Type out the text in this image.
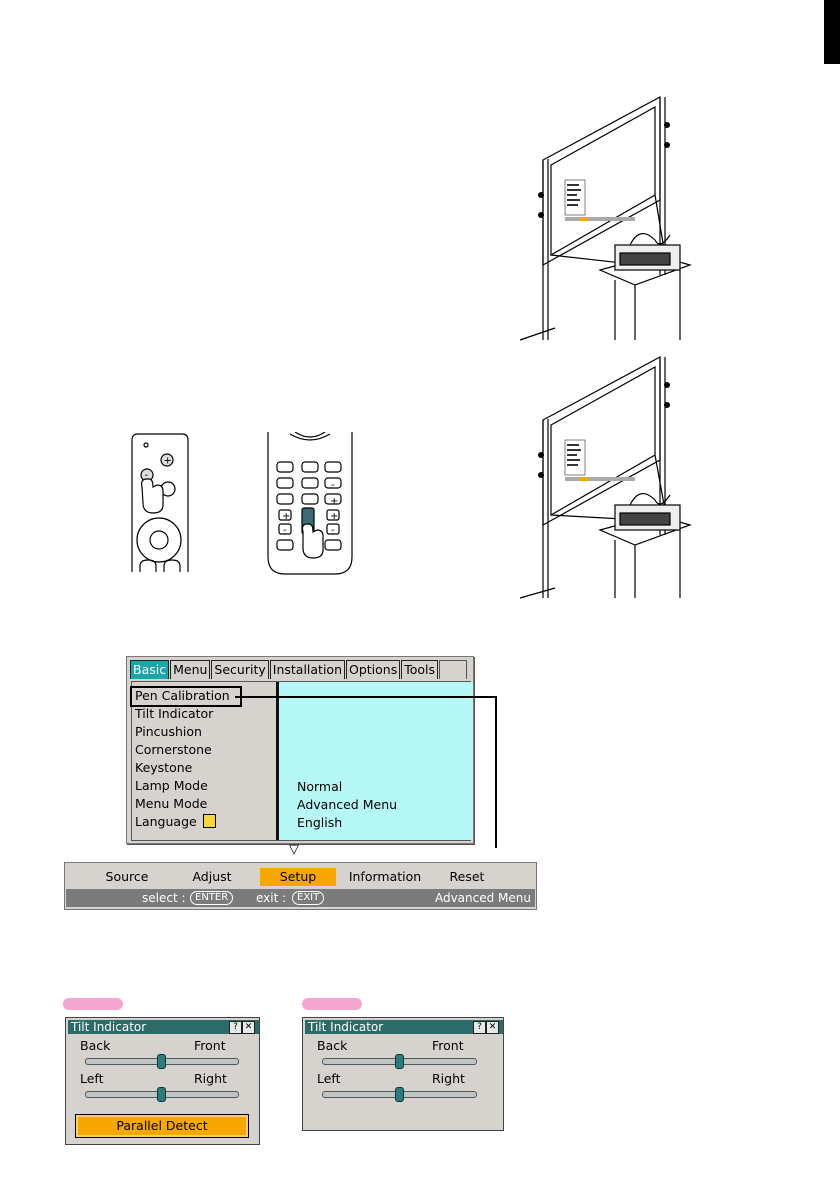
+
-
+
-
+
-
+
-
Basic Menu Security Installation Options Tools
Pen Calibration
Tilt Indicator
Pincushion
Cornerstone
Keystone
Lamp Mode
Menu Mode
Language
Normal
Advanced Menu
English
▽
Source	Adjust	Setup	Information	Reset
select : ENTER	exit :	EXIT	Advanced Menu
Tilt Indicator	? ✕
Back	Front
Left	Right
Parallel Detect
Tilt Indicator	? ✕
Back	Front
Left	Right
